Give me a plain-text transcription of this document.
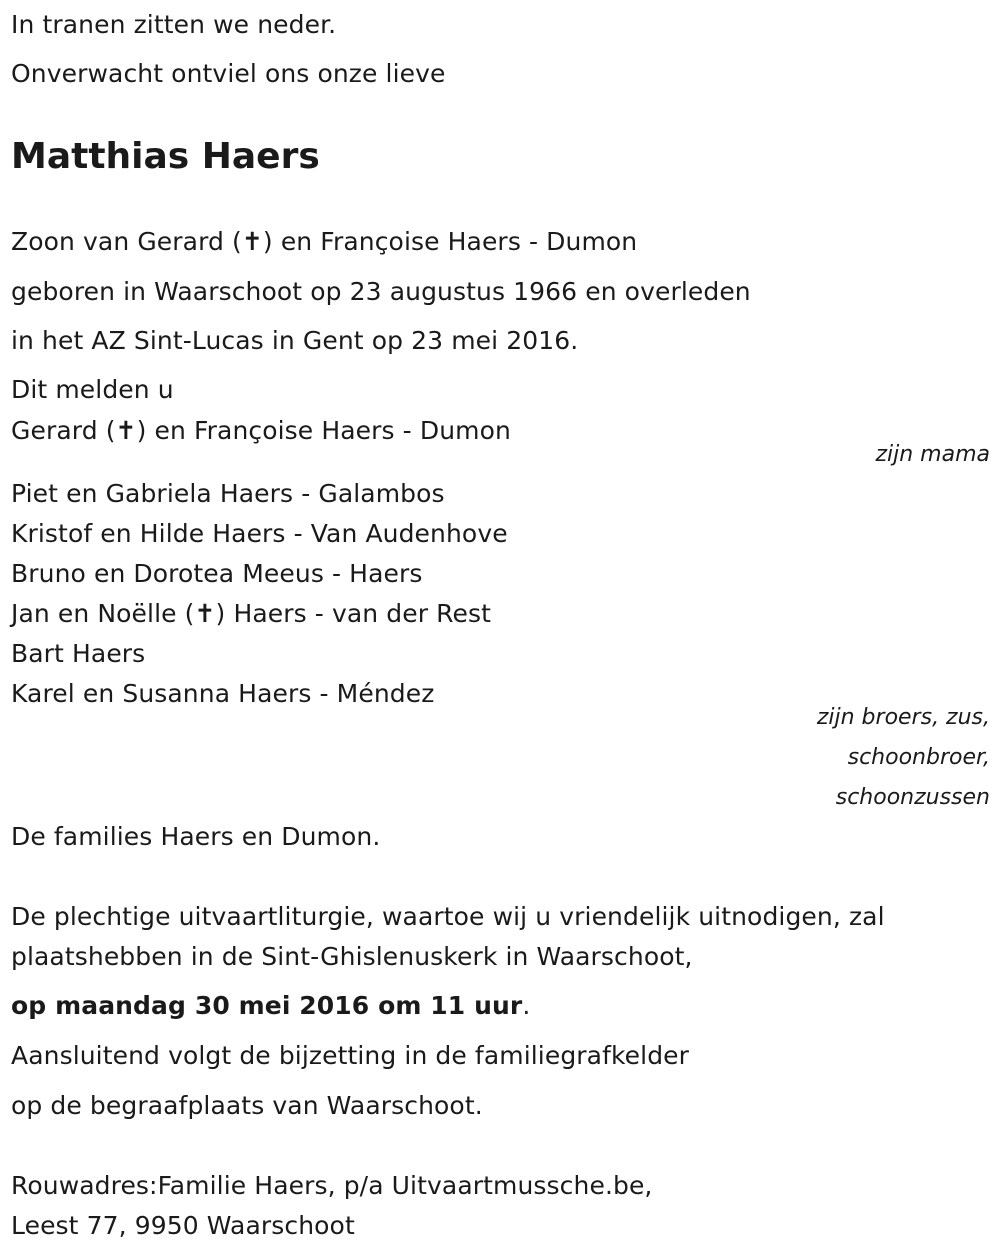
In tranen zitten we neder.
Onverwacht ontviel ons onze lieve
Matthias Haers
Zoon van Gerard (✝) en Françoise Haers - Dumon
geboren in Waarschoot op 23 augustus 1966 en overleden
in het AZ Sint-Lucas in Gent op 23 mei 2016.
Dit melden u
Gerard (✝) en Françoise Haers - Dumon
zijn mama
Piet en Gabriela Haers - Galambos
Kristof en Hilde Haers - Van Audenhove
Bruno en Dorotea Meeus - Haers
Jan en Noëlle (✝) Haers - van der Rest
Bart Haers
Karel en Susanna Haers - Méndez
zijn broers, zus,
schoonbroer,
schoonzussen
De families Haers en Dumon.
De plechtige uitvaartliturgie, waartoe wij u vriendelijk uitnodigen, zal
plaatshebben in de Sint-Ghislenuskerk in Waarschoot,
op maandag 30 mei 2016 om 11 uur.
Aansluitend volgt de bijzetting in de familiegrafkelder
op de begraafplaats van Waarschoot.
Rouwadres:Familie Haers, p/a Uitvaartmussche.be,
Leest 77, 9950 Waarschoot
